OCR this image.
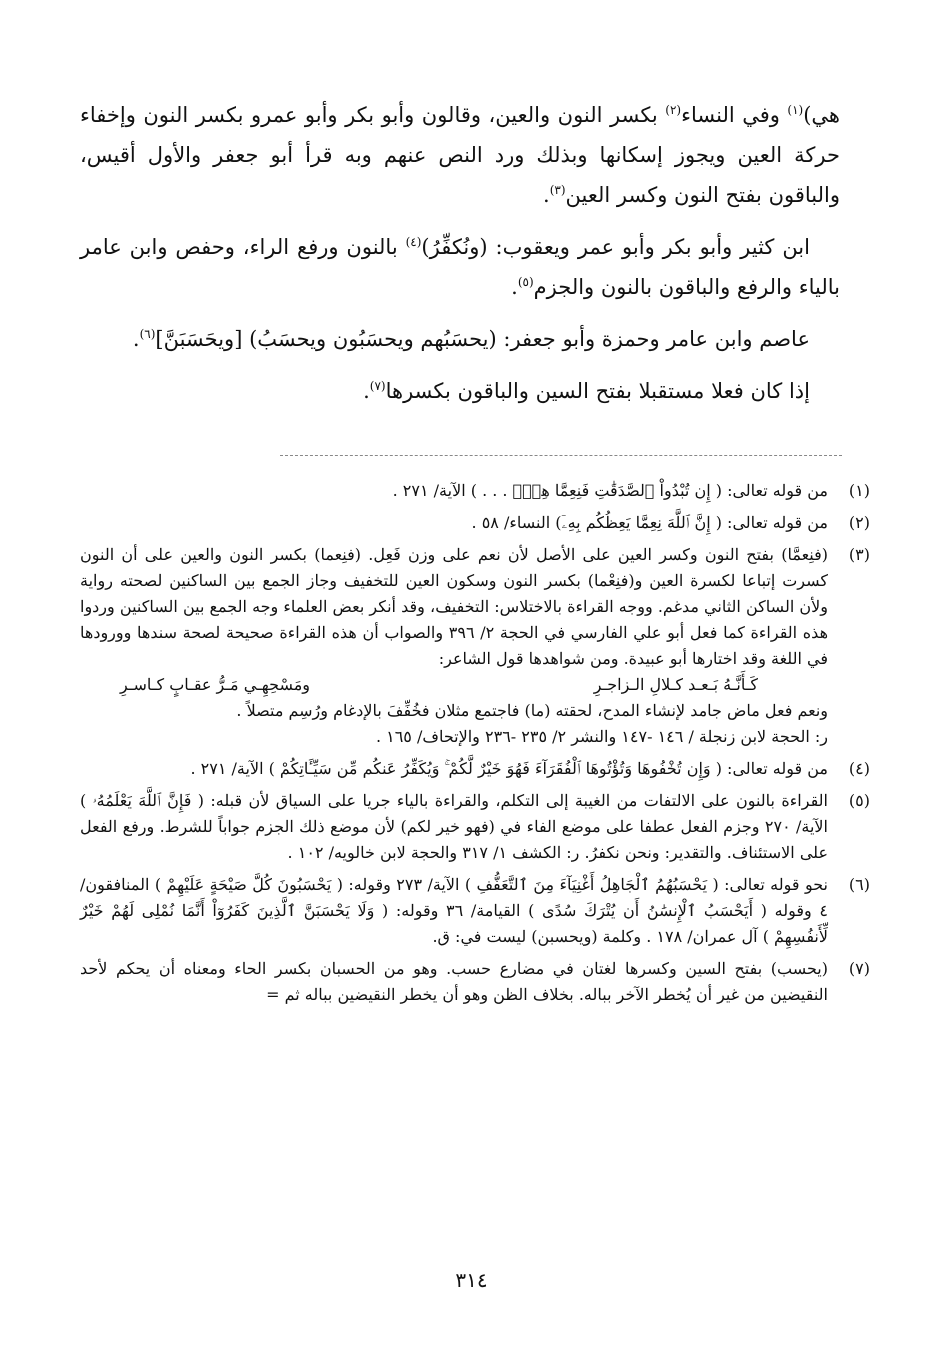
هي)$^{(١)}$ وفي النساء$^{(٢)}$ بكسر النون والعين، وقالون وأبو بكر وأبو عمرو بكسر النون وإخفاء حركة العين ويجوز إسكانها وبذلك ورد النص عنهم وبه قرأ أبو جعفر والأول أقيس، والباقون بفتح النون وكسر العين$^{(٣)}$.

ابن كثير وأبو بكر وأبو عمر ويعقوب: (ونُكفِّرُ)$^{(٤)}$ بالنون ورفع الراء، وحفص وابن عامر بالياء والرفع والباقون بالنون والجزم$^{(٥)}$.

عاصم وابن عامر وحمزة وأبو جعفر: (يحسَبُهم ويحسَبُون ويحسَبُ) [ويحَسَبَنَّ]$^{(٦)}$.

إذا كان فعلا مستقبلا بفتح السين والباقون بكسرها$^{(٧)}$.

(١)
من قوله تعالى: ( إِن تُبْدُواْ ٱلصَّدَقَٰتِ فَنِعِمَّا هِيَۖ . . . ) الآية/ ٢٧١ .
(٢)
من قوله تعالى: ( إِنَّ ٱللَّهَ نِعِمَّا يَعِظُكُم بِهِۦٓ) النساء/ ٥٨ .
(٣)
(فنِعمَّا) بفتح النون وكسر العين على الأصل لأن نعم على وزن فَعِل. (فنِعما) بكسر النون والعين على أن النون كسرت إتباعا لكسرة العين و(فنِعْما) بكسر النون وسكون العين للتخفيف وجاز الجمع بين الساكنين لصحته رواية ولأن الساكن الثاني مدغم. ووجه القراءة بالاختلاس: التخفيف، وقد أنكر بعض العلماء وجه الجمع بين الساكنين وردوا هذه القراءة كما فعل أبو علي الفارسي في الحجة ٢/ ٣٩٦ والصواب أن هذه القراءة صحيحة لصحة سندها وورودها في اللغة وقد اختارها أبو عبيدة. ومن شواهدها قول الشاعر:
كَـأَنَّـهُ بَـعـد كـلالِ الـزاجـرِ
ومَسْحِهِـي مَـرُّ عقـابٍ كـاسـرِ
ونعم فعل ماض جامد لإنشاء المدح، لحقته (ما) فاجتمع مثلان فخُفِّفَ بالإدغام ورُسِم متصلاً .
ر: الحجة لابن زنجلة / ١٤٦ -١٤٧ والنشر ٢/ ٢٣٥ -٢٣٦ والإتحاف/ ١٦٥ .
(٤)
من قوله تعالى: ( وَإِن تُخْفُوهَا وَتُؤْتُوهَا ٱلْفُقَرَآءَ فَهُوَ خَيْرٌ لَّكُمْ ۚ وَيُكَفِّرُ عَنكُم مِّن سَيِّـَٔاتِكُمْ ) الآية/ ٢٧١ .
(٥)
القراءة بالنون على الالتفات من الغيبة إلى التكلم، والقراءة بالياء جريا على السياق لأن قبله: ( فَإِنَّ ٱللَّهَ يَعْلَمُهُۥ ) الآية/ ٢٧٠ وجزم الفعل عطفا على موضع الفاء في (فهو خير لكم) لأن موضع ذلك الجزم جواباً للشرط. ورفع الفعل على الاستئناف. والتقدير: ونحن نكفرُ. ر: الكشف ١/ ٣١٧ والحجة لابن خالويه/ ١٠٢ .
(٦)
نحو قوله تعالى: ( يَحْسَبُهُمُ ٱلْجَاهِلُ أَغْنِيَآءَ مِنَ ٱلتَّعَفُّفِ ) الآية/ ٢٧٣ وقوله: ( يَحْسَبُونَ كُلَّ صَيْحَةٍ عَلَيْهِمْ ) المنافقون/ ٤ وقوله ( أَيَحْسَبُ ٱلْإِنسَٰنُ أَن يُتْرَكَ سُدًى ) القيامة/ ٣٦ وقوله: ( وَلَا يَحْسَبَنَّ ٱلَّذِينَ كَفَرُوٓاْ أَنَّمَا نُمْلِى لَهُمْ خَيْرٌ لِّأَنفُسِهِمْ ) آل عمران/ ١٧٨ . وكلمة (ويحسبن) ليست في: ق.
(٧)
(يحسب) بفتح السين وكسرها لغتان في مضارع حسب. وهو من الحسبان بكسر الحاء ومعناه أن يحكم لأحد النقيضين من غير أن يُخطر الآخر بباله. بخلاف الظن وهو أن يخطر النقيضين بباله ثم =
٣١٤
